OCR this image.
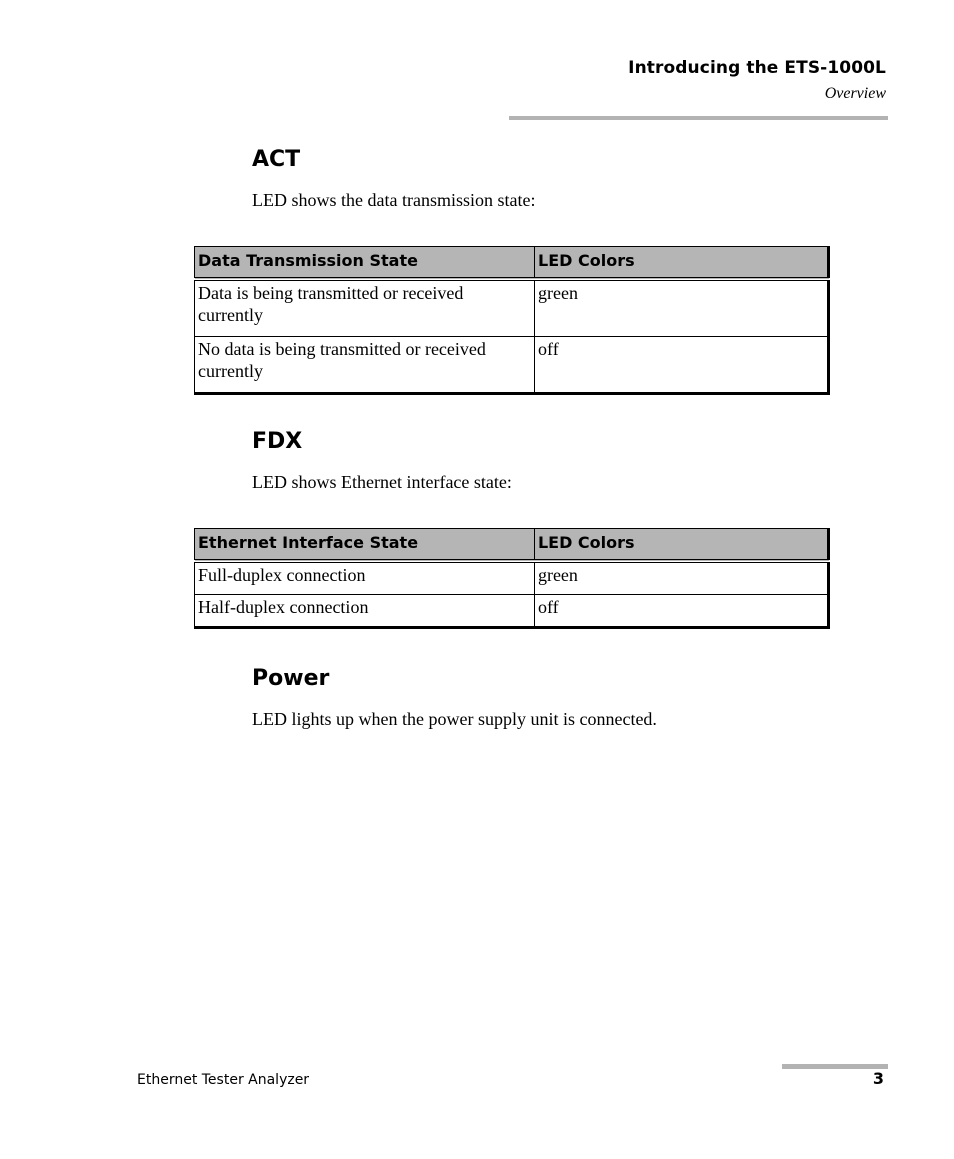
Introducing the ETS-1000L
Overview
ACT
LED shows the data transmission state:
Data Transmission State	LED Colors
Data is being transmitted or received currently	green
No data is being transmitted or received currently	off
FDX
LED shows Ethernet interface state:
Ethernet Interface State	LED Colors
Full-duplex connection	green
Half-duplex connection	off
Power
LED lights up when the power supply unit is connected.
Ethernet Tester Analyzer	3
